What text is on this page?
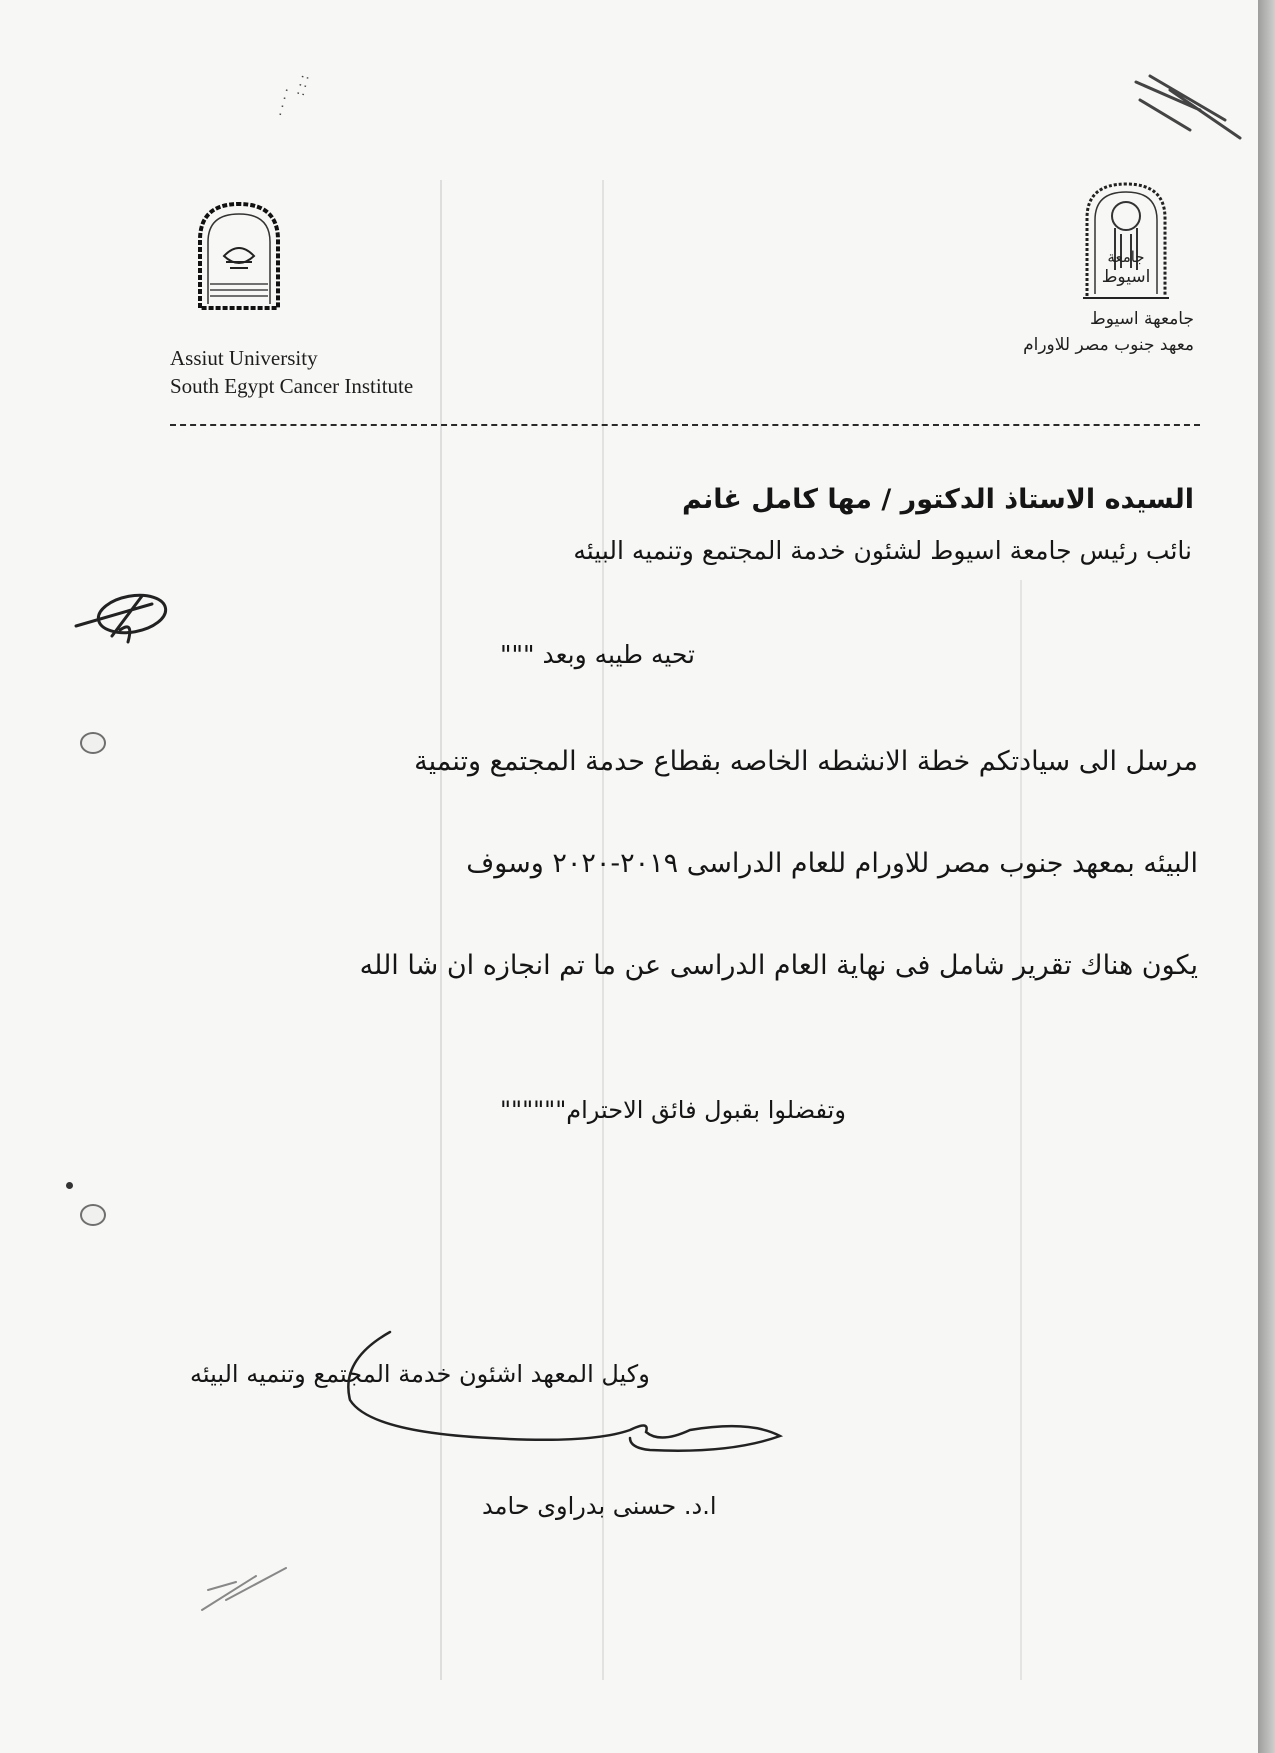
· · · ·
: : :
جامعة
اسيوط
Assiut University
South Egypt Cancer Institute
جامعهة اسيوط
معهد جنوب مصر للاورام
السيده الاستاذ الدكتور / مها كامل غانم
نائب رئيس جامعة اسيوط لشئون خدمة المجتمع وتنميه البيئه
تحيه طيبه وبعد """
مرسل الى سيادتكم خطة الانشطه الخاصه بقطاع حدمة المجتمع وتنمية
البيئه بمعهد جنوب مصر للاورام للعام الدراسى ٢٠١٩-٢٠٢٠ وسوف
يكون هناك تقرير شامل فى نهاية العام الدراسى عن ما تم انجازه ان شا الله
وتفضلوا بقبول فائق الاحترام""""""
وكيل المعهد اشئون خدمة المجتمع وتنميه البيئه
ا.د. حسنى بدراوى حامد
